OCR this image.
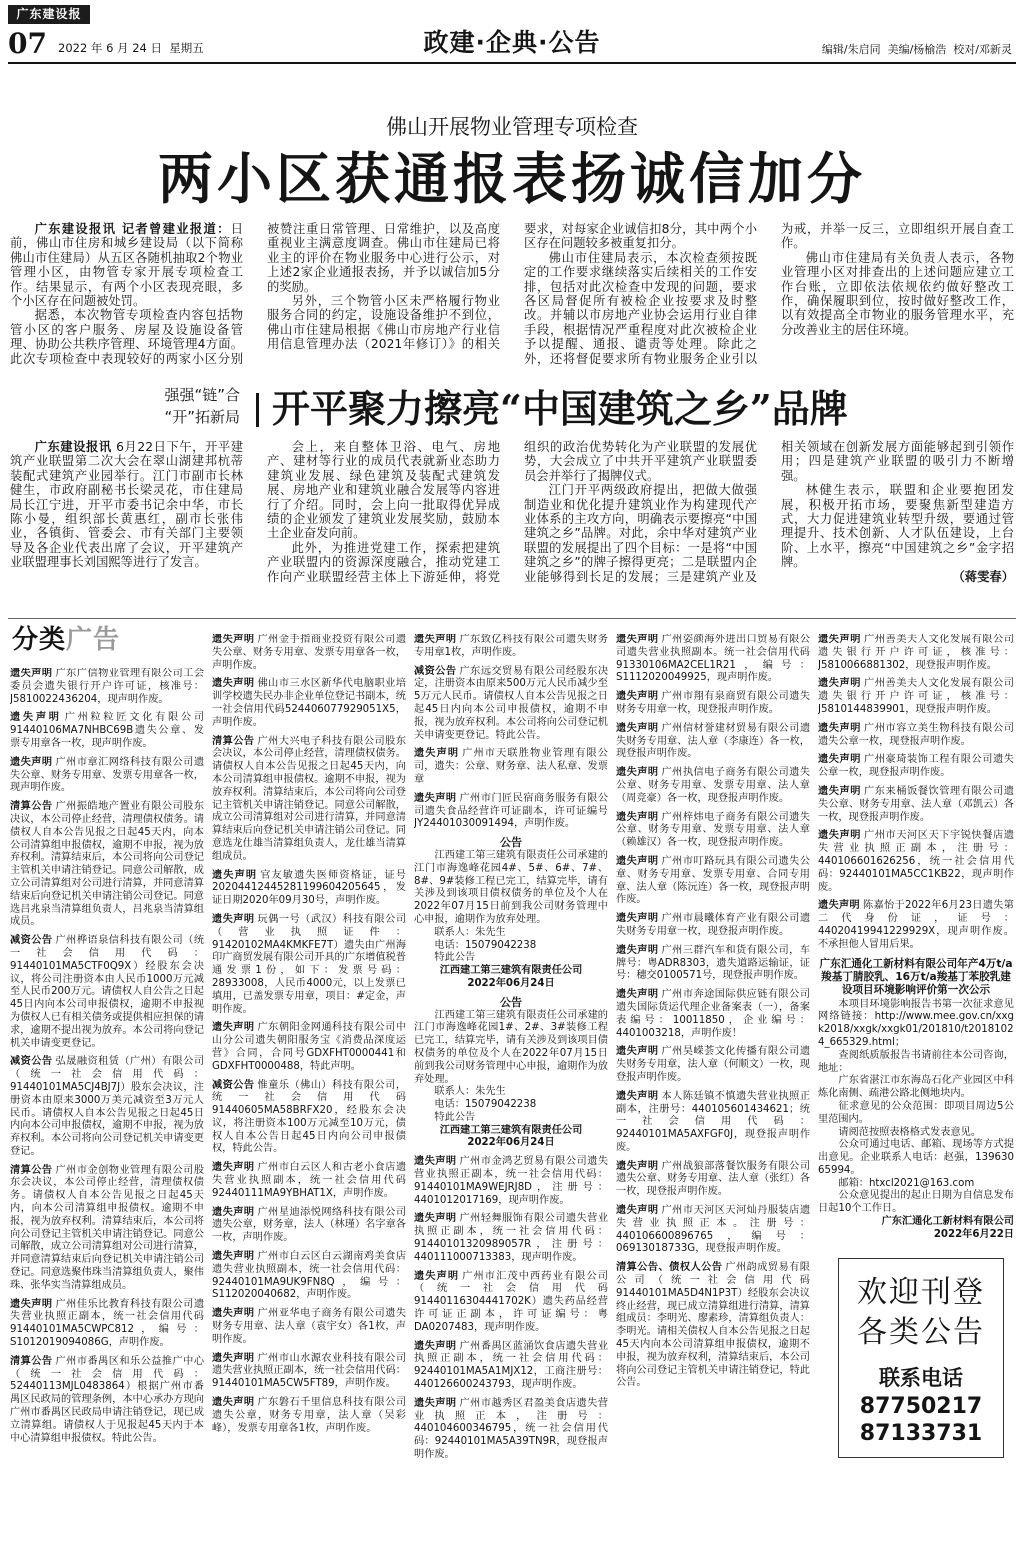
广东建设报
07 2022 年 6 月 24 日  星期五	政建·企典·公告	编辑/朱启同  美编/杨榆浩  校对/邓新灵
佛山开展物业管理专项检查
两小区获通报表扬诚信加分

广东建设报讯 记者曾建业报道：日前，佛山市住房和城乡建设局（以下简称佛山市住建局）从五区各随机抽取2个物业管理小区，由物管专家开展专项检查工作。结果显示，有两个小区表现亮眼，多个小区存在问题被处罚。

据悉，本次物管专项检查内容包括物管小区的客户服务、房屋及设施设备管理、协助公共秩序管理、环境管理4方面。此次专项检查中表现较好的两家小区分别被赞注重日常管理、日常维护，以及高度重视业主满意度调查。佛山市住建局已将业主的评价在物业服务中心进行公示，对上述2家企业通报表扬，并予以诚信加5分的奖励。

另外，三个物管小区未严格履行物业服务合同的约定，设施设备维护不到位，佛山市住建局根据《佛山市房地产行业信用信息管理办法（2021年修订）》的相关要求，对每家企业诚信扣8分，其中两个小区存在问题较多被重复扣分。

佛山市住建局表示，本次检查须按既定的工作要求继续落实后续相关的工作安排，包括对此次检查中发现的问题，要求各区局督促所有被检企业按要求及时整改。并辅以市房地产业协会运用行业自律手段，根据情况严重程度对此次被检企业予以提醒、通报、谴责等处理。除此之外，还将督促要求所有物业服务企业引以为戒，并举一反三，立即组织开展自查工作。

佛山市住建局有关负责人表示，各物业管理小区对排查出的上述问题应建立工作台账，立即依法依规依约做好整改工作，确保履职到位，按时做好整改工作，以有效提高全市物业的服务管理水平，充分改善业主的居住环境。

强强“链”合
“开”拓新局 开平聚力擦亮“中国建筑之乡”品牌

广东建设报讯 6月22日下午，开平建筑产业联盟第二次大会在翠山湖建邦杭蒂装配式建筑产业园举行。江门市副市长林健生，市政府副秘书长梁灵花，市住建局局长江宁进，开平市委书记余中华，市长陈小曼，组织部长黄惠红，副市长张伟业，各镇街、管委会、市有关部门主要领导及各企业代表出席了会议，开平建筑产业联盟理事长刘国熙等进行了发言。

会上，来自整体卫浴、电气、房地产、建材等行业的成员代表就新业态助力建筑业发展、绿色建筑及装配式建筑发展、房地产业和建筑业融合发展等内容进行了介绍。同时，会上向一批取得优异成绩的企业颁发了建筑业发展奖励，鼓励本土企业奋发向前。

此外，为推进党建工作，探索把建筑产业联盟内的资源深度融合，推动党建工作向产业联盟经营主体上下游延伸，将党组织的政治优势转化为产业联盟的发展优势，大会成立了中共开平建筑产业联盟委员会并举行了揭牌仪式。

江门开平两级政府提出，把做大做强制造业和优化提升建筑业作为构建现代产业体系的主攻方向，明确表示要擦亮“中国建筑之乡”品牌。对此，余中华对建筑产业联盟的发展提出了四个目标：一是将“中国建筑之乡”的牌子擦得更亮；二是联盟内企业能够得到长足的发展；三是建筑产业及相关领域在创新发展方面能够起到引领作用；四是建筑产业联盟的吸引力不断增强。

林健生表示，联盟和企业要抱团发展，积极开拓市场，要聚焦新型建造方式，大力促进建筑业转型升级，要通过管理提升、技术创新、人才队伍建设，上台阶、上水平，擦亮“中国建筑之乡”金字招牌。

（蒋雯春）

分类广告
遗失声明 广东广信物业管理有限公司工会委员会遗失银行开户许可证，核准号：J5810022436204，现声明作废。
遗失声明 广州粒粒匠文化有限公司91440106MA7NHBC69B遗失公章、发票专用章各一枚，现声明作废。
遗失声明 广州市章汇网络科技有限公司遗失公章、财务专用章、发票专用章各一枚，现声明作废。
清算公告 广州振皓地产置业有限公司股东决议，本公司停止经营，清理债权债务。请债权人自本公告见报之日起45天内，向本公司清算组申报债权，逾期不申报，视为放弃权利。清算结束后，本公司将向公司登记主管机关申请注销登记。同意公司解散，成立公司清算组对公司进行清算，并同意清算结束后向登记机关申请注销公司登记。同意选吕兆泉当清算组负责人，吕兆泉当清算组成员。
减资公告 广州桦语泉信科技有限公司（统一社会信用代码：91440101MA5CTF0Q9X）经股东会决议，将公司注册资本由人民币1000万元减至人民币200万元。请债权人自公告之日起45日内向本公司申报债权，逾期不申报视为债权人已有相关债务或提供相应担保的请求，逾期不提出视为放弃。本公司将向登记机关申请变更登记。
减资公告 弘晟融资租赁（广州）有限公司（统一社会信用代码：91440101MA5CJ4BJ7J）股东会决议，注册资本由原来3000万美元减资至3万元人民币。请债权人自本公告见报之日起45日内向本公司申报债权，逾期不申报，视为放弃权利。本公司将向公司登记机关申请变更登记。
清算公告 广州市金创物业管理有限公司股东会决议，本公司停止经营，清理债权债务。请债权人自本公告见报之日起45天内，向本公司清算组申报债权。逾期不申报，视为放弃权利。清算结束后，本公司将向公司登记主管机关申请注销登记。同意公司解散，成立公司清算组对公司进行清算，并同意清算结束后向登记机关申请注销公司登记。同意选聚伟珠当清算组负责人，聚伟珠、张华实当清算组成员。
遗失声明 广州佳乐比教育科技有限公司遗失营业执照正副本，统一社会信用代码91440101MA5CWPC812，编号：S1012019094086G，声明作废。
清算公告 广州市番禺区和乐公益推广中心（统一社会信用代码：52440113MJL0483864）根据广州市番禺区民政局的管理条例，本中心承办方现向广州市番禺区民政局申请注销登记，现已成立清算组。请债权人于见报起45天内于本中心清算组申报债权。特此公告。
遗失声明 广州金手指商业投资有限公司遗失公章、财务专用章、发票专用章各一枚，声明作废。
遗失声明 佛山市三水区新华代电脑职业培训学校遗失民办非企业单位登记书副本，统一社会信用代码524406077929051X5，声明作废。
清算公告 广州大兴电子科技有限公司股东会决议，本公司停止经营，清理债权债务。请债权人自本公告见报之日起45天内，向本公司清算组申报债权。逾期不申报，视为放弃权利。清算结束后，本公司将向公司登记主管机关申请注销登记。同意公司解散，成立公司清算组对公司进行清算，并同意清算结束后向登记机关申请注销公司登记。同意选龙仕雄当清算组负责人，龙仕雄当清算组成员。
遗失声明 官友敏遗失医师资格证，证号20204412445281199604205645，发证日期2020年09月30号，声明作废。
遗失声明 玩偶一号（武汉）科技有限公司（营业执照证件：91420102MA4KMKFE7T）遗失由广州海印广商贸发展有限公司开具的广东增值税普通发票1份，如下：发票号码：28933008，人民币4000元，以上发票已填用，已盖发票专用章，项目：#定金，声明作废。
遗失声明 广东朝阳金网通科技有限公司中山分公司遗失朝阳服务宝《消费品深度运营》合同，合同号GDXFHT0000441和GDXFHT0000488，特此声明。
减资公告 惟童乐（佛山）科技有限公司，统一社会信用代码91440605MA58BRFX20，经股东会决议，将注册资本100万元减至10万元，债权人自本公告日起45日内向公司申报债权，特此公告。
遗失声明 广州市白云区人和古老小食店遗失营业执照副本，统一社会信用代码92440111MA9YBHAT1X，声明作废。
遗失声明 广州星迪添悦网络科技有限公司遗失公章，财务章，法人（林瑾）名字章各一枚，声明作废。
遗失声明 广州市白云区白云湖南鸡美食店遗失营业执照副本，统一社会信用代码：92440101MA9UK9FN8Q，编号：S112020040682，声明作废。
遗失声明 广州亚华电子商务有限公司遗失财务专用章、法人章（袁宇女）各1枚，声明作废。
遗失声明 广州市山水源农业科技有限公司遗失营业执照正副本，统一社会信用代码：91440101MA5CW5FT89，声明作废。
遗失声明 广东磐石千里信息科技有限公司遗失公章，财务专用章，法人章（吴彩峰），发票专用章各1枚，声明作废。
遗失声明 广东致亿科技有限公司遗失财务专用章1枚，声明作废。
减资公告 广东远交贸易有限公司经股东决定，注册资本由原来500万元人民币减少至5万元人民币。请债权人自本公告见报之日起45日内向本公司申报债权，逾期不申报，视为放弃权利。本公司将向公司登记机关申请变更登记。特此公告。
遗失声明 广州市天联胜物业管理有限公司，遗失：公章、财务章、法人私章、发票章
遗失声明 广州市门匠民宿商务服务有限公司遗失食品经营许可证副本，许可证编号JY24401030091494，声明作废。
公告
江西建工第三建筑有限责任公司承建的江门市海逸峰花园4#、5#、6#、7#、8#、9#装修工程已完工，结算完毕，请有关涉及到该项目债权债务的单位及个人在2022年07月15日前到我公司财务管理中心申报，逾期作为放弃处理。
联系人：朱先生
电话：15079042238
特此公告
江西建工第三建筑有限责任公司
2022年06月24日
公告
江西建工第三建筑有限责任公司承建的江门市海逸峰花园1#、2#、3#装修工程已完工，结算完毕，请有关涉及到该项目债权债务的单位及个人在2022年07月15日前到我公司财务管理中心申报，逾期作为放弃处理。
联系人：朱先生
电话：15079042238
特此公告
江西建工第三建筑有限责任公司
2022年06月24日
遗失声明 广州市金鸿艺贸易有限公司遗失营业执照正副本，统一社会信用代码：91440101MA9WEJRJ8D，注册号：4401012017169，现声明作废。
遗失声明 广州轻舞服饰有限公司遗失营业执照正副本，统一社会信用代码：91440101320989057R，注册号：440111000713383，现声明作废。
遗失声明 广州市汇茂中西药业有限公司（统一社会信用代码91440116304441702K）遗失药品经营许可证正副本，许可证编号：粤DA0207483，现声明作废。
遗失声明 广州番禺区蓝涌饮食店遗失营业执照正副本，统一社会信用代码：92440101MA5A1MJX12，工商注册号：440126600243793，现声明作废。
遗失声明 广州市越秀区君盈美食店遗失营业执照正本，注册号：440104600346795，统一社会信用代码：92440101MA5A39TN9R，现登报声明作废。
遗失声明 广州姿颜海外进出口贸易有限公司遗失营业执照副本。统一社会信用代码91330106MA2CEL1R21，编号：S1112020049925，现声明作废。
遗失声明 广州市翔有泉商贸有限公司遗失财务专用章一枚，现登报声明作废。
遗失声明 广州信材誉建材贸易有限公司遗失财务专用章、法人章（李康连）各一枚，现登报声明作废。
遗失声明 广州执信电子商务有限公司遗失公章、财务专用章、发票专用章、法人章（周竞豪）各一枚，现登报声明作废。
遗失声明 广州梓炜电子商务有限公司遗失公章、财务专用章、发票专用章、法人章（赖雄汉）各一枚，现登报声明作废。
遗失声明 广州市叮路玩具有限公司遗失公章、财务专用章、发票专用章、合同专用章、法人章（陈沅连）各一枚，现登报声明作废。
遗失声明 广州市晨曦体育产业有限公司遗失财务专用章一枚，现登报声明作废。
遗失声明 广州三群汽车和货有限公司，车牌号：粤ADR8303，遗失道路运输证，证号：穗交0100571号，现登报声明作废。
遗失声明 广州市奔途国际供应链有限公司遗失国际货运代理企业备案表（一），备案表编号：10011850，企业编号：4401003218，声明作废！
遗失声明 广州昊嵘荟文化传播有限公司遗失财务专用章，法人章（何顺文）一枚，现登报声明作废。
遗失声明 本人陈廷镇不慎遗失营业执照正副本，注册号：440105601434621；统一社会信用代码：92440101MA5AXFGF0J，现登报声明作废。
遗失声明 广州战狼部落餐饮服务有限公司遗失公章、财务专用章、法人章（张红）各一枚，现登报声明作废。
遗失声明 广州市天河区天河灿丹服装店遗失营业执照正本。注册号：440106600896765，编号：06913018733G，现登报声明作废。
清算公告、债权人公告 广州韵成贸易有限公司（统一社会信用代码91440101MA5D4N1P3T）经股东会决议终止经营，现已成立清算组进行清算，清算组成员：李明光、廖素珍，清算组负责人：李明光。请相关债权人自本公告见报之日起45天内向本公司清算组申报债权，逾期不申报，视为放弃权利，清算结束后，本公司将向公司登记主管机关申请注销登记，特此公告。
遗失声明 广州善美夫人文化发展有限公司遗失银行开户许可证，核准号：J5810066881302，现登报声明作废。
遗失声明 广州善美夫人文化发展有限公司遗失银行开户许可证，核准号：J5810144839901，现登报声明作废。
遗失声明 广州市容立美生物科技有限公司遗失公章一枚，现登报声明作废。
遗失声明 广州豪琦装饰工程有限公司遗失公章一枚，现登报声明作废。
遗失声明 广东来桶饭餐饮管理有限公司遗失公章、财务专用章、法人章（邓凯云）各一枚，现登报声明作废。
遗失声明 广州市天河区天下宇锐快餐店遗失营业执照正副本，注册号：440106601626256，统一社会信用代码：92440101MA5CC1KB22，现声明作废。
遗失声明 陈嘉怡于2022年6月23日遗失第二代身份证，证号：44020419941229929X，现声明作废。不承担他人冒用后果。
广东汇通化工新材料有限公司年产4万t/a羧基丁腈胶乳、16万t/a羧基丁苯胶乳建设项目环境影响评价第一次公示
本项目环境影响报告书第一次征求意见网络链接：http://www.mee.gov.cn/xxgk2018/xxgk/xxgk01/201810/t20181024_665329.html；
查阅纸质版报告书请前往本公司咨询，地址：
广东省湛江市东海岛石化产业园区中科炼化南侧、疏港公路北侧地块内。
征求意见的公众范围：即项目周边5公里范围内。
请阅范按照表格格式发表意见。
公众可通过电话、邮箱、现场等方式提出意见。企业联系人电话：赵强，13963065994。
邮箱：htxcl2021@163.com
公众意见提出的起止日期为自信息发布日起10个工作日。
广东汇通化工新材料有限公司
2022年6月22日
欢迎刊登
各类公告
联系电话
87750217
87133731
